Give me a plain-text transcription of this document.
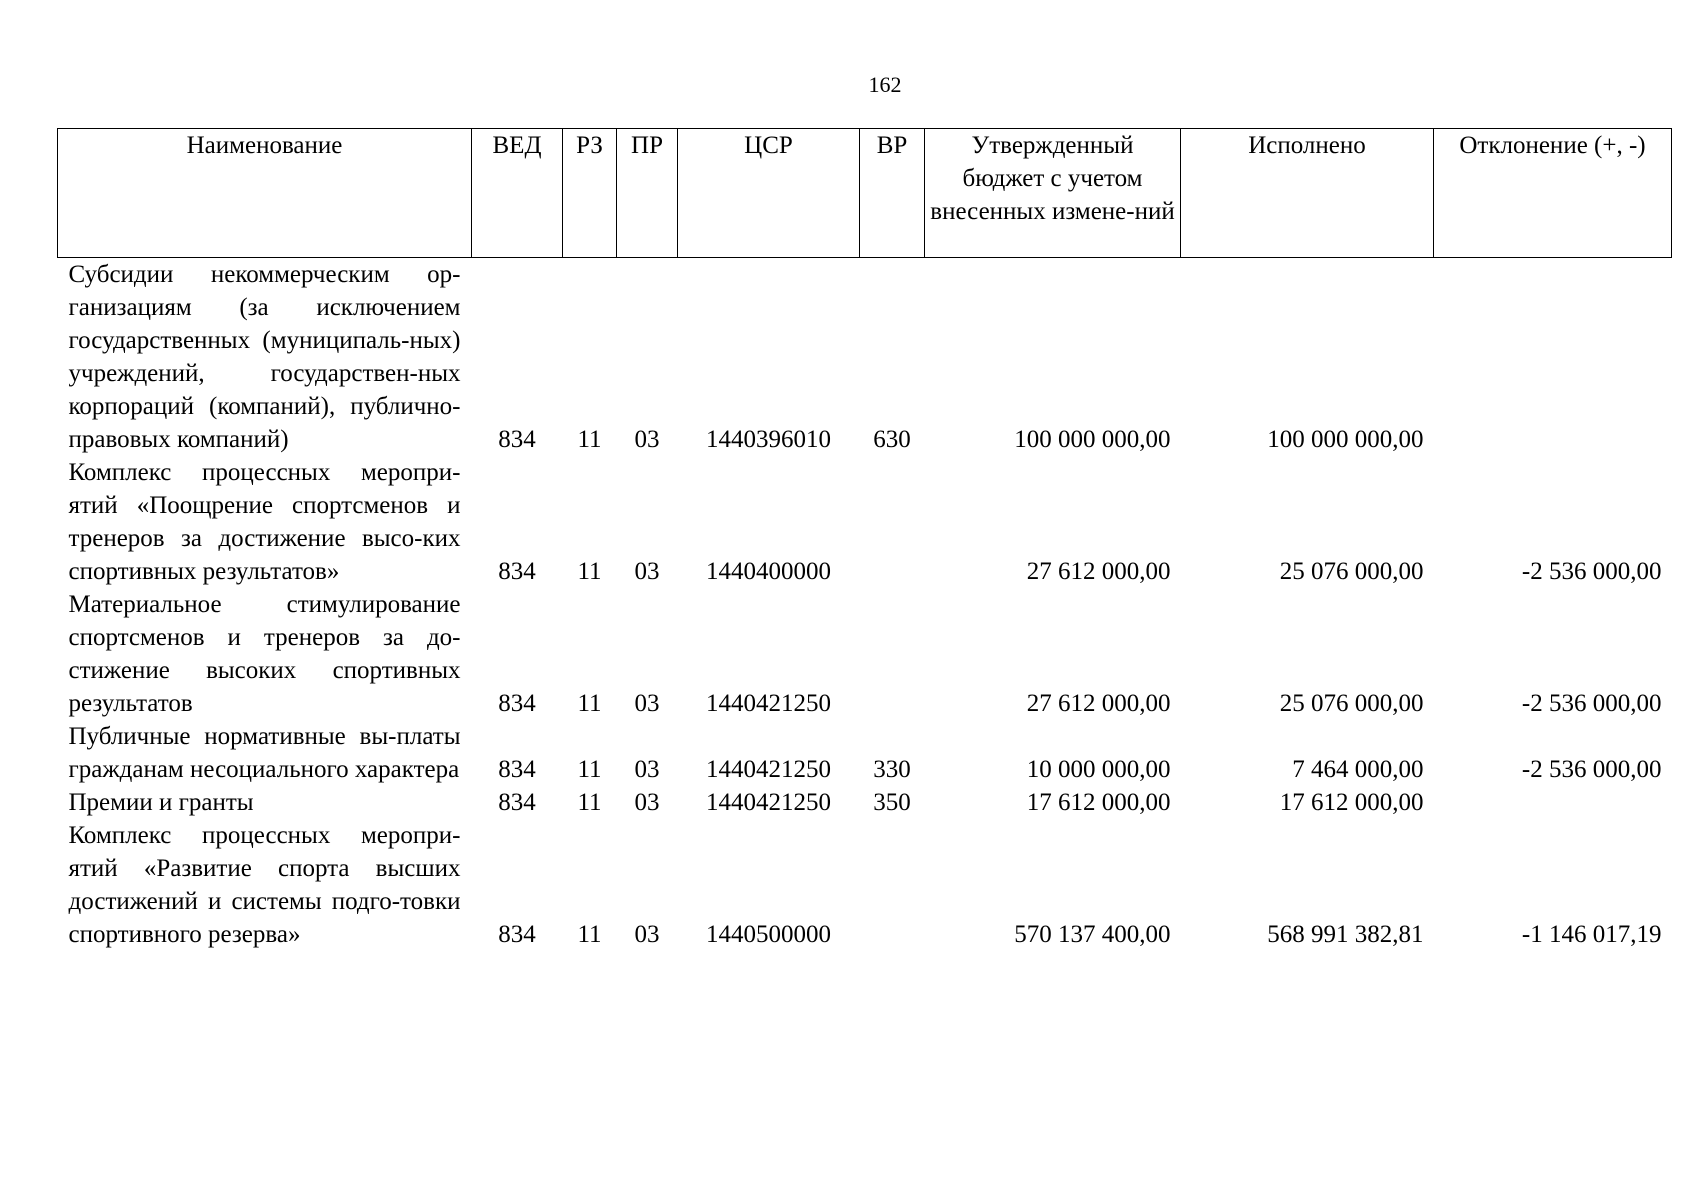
162
Наименование	ВЕД	РЗ	ПР	ЦСР	ВР	Утвержденный бюджет с учетом внесенных измене-ний	Исполнено	Отклонение (+, -)
Субсидии некоммерческим ор-ганизациям (за исключением государственных (муниципаль-ных) учреждений, государствен-ных корпораций (компаний), публично-правовых компаний)	834	11	03	1440396010	630	100 000 000,00	100 000 000,00	
Комплекс процессных меропри-ятий «Поощрение спортсменов и тренеров за достижение высо-ких спортивных результатов»	834	11	03	1440400000		27 612 000,00	25 076 000,00	-2 536 000,00
Материальное стимулирование спортсменов и тренеров за до-стижение высоких спортивных результатов	834	11	03	1440421250		27 612 000,00	25 076 000,00	-2 536 000,00
Публичные нормативные вы-платы гражданам несоциального характера	834	11	03	1440421250	330	10 000 000,00	7 464 000,00	-2 536 000,00
Премии и гранты	834	11	03	1440421250	350	17 612 000,00	17 612 000,00	
Комплекс процессных меропри-ятий «Развитие спорта высших достижений и системы подго-товки спортивного резерва»	834	11	03	1440500000		570 137 400,00	568 991 382,81	-1 146 017,19
